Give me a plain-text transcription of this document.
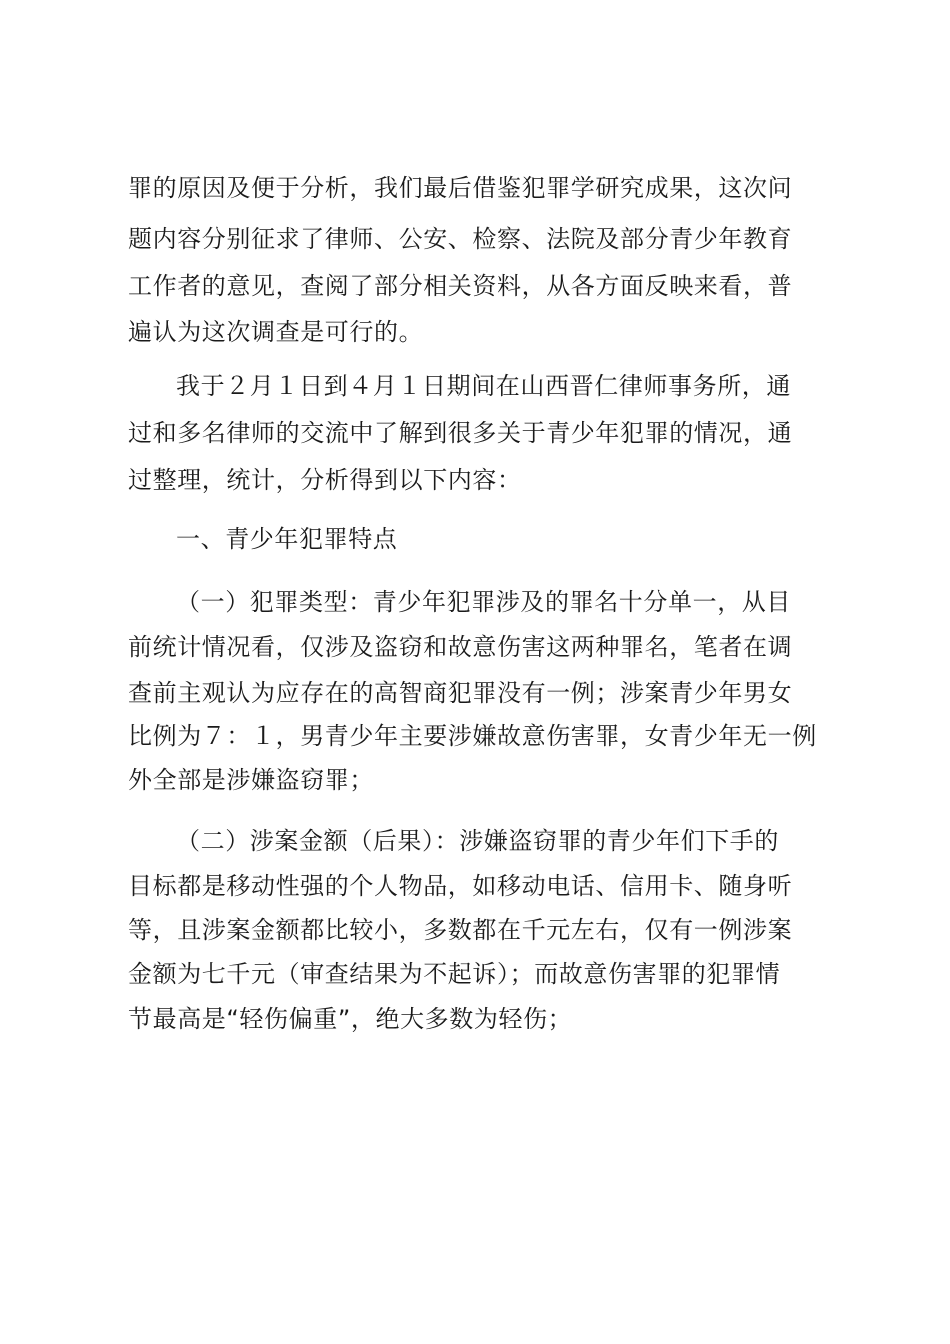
罪的原因及便于分析，我们最后借鉴犯罪学研究成果，这次问
题内容分别征求了律师、公安、检察、法院及部分青少年教育
工作者的意见，查阅了部分相关资料，从各方面反映来看，普
遍认为这次调查是可行的。
我于２月１日到４月１日期间在山西晋仁律师事务所，通
过和多名律师的交流中了解到很多关于青少年犯罪的情况，通
过整理，统计，分析得到以下内容：
一、青少年犯罪特点
（一）犯罪类型：青少年犯罪涉及的罪名十分单一，从目
前统计情况看，仅涉及盗窃和故意伤害这两种罪名，笔者在调
查前主观认为应存在的高智商犯罪没有一例；涉案青少年男女
比例为７：１，男青少年主要涉嫌故意伤害罪，女青少年无一例
外全部是涉嫌盗窃罪；
（二）涉案金额（后果）：涉嫌盗窃罪的青少年们下手的
目标都是移动性强的个人物品，如移动电话、信用卡、随身听
等，且涉案金额都比较小，多数都在千元左右，仅有一例涉案
金额为七千元（审查结果为不起诉）；而故意伤害罪的犯罪情
节最高是“轻伤偏重”，绝大多数为轻伤；
